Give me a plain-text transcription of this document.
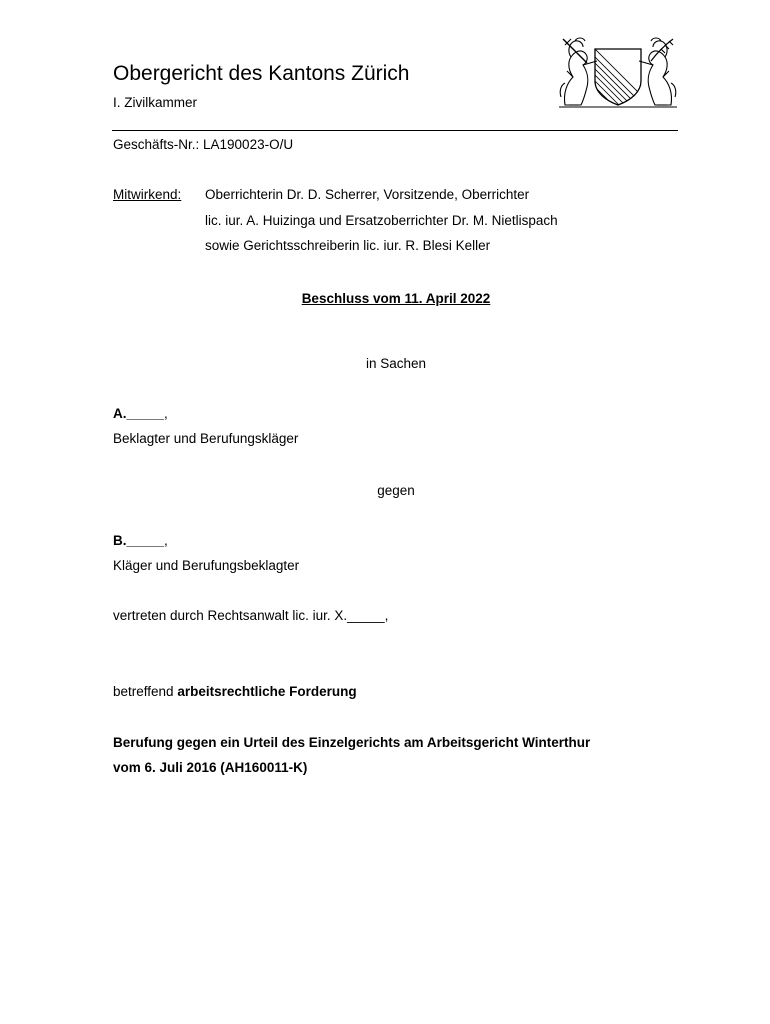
Obergericht des Kantons Zürich
I. Zivilkammer
Geschäfts-Nr.: LA190023-O/U
Mitwirkend: Oberrichterin Dr. D. Scherrer, Vorsitzende, Oberrichter
lic. iur. A. Huizinga und Ersatzoberrichter Dr. M. Nietlispach
sowie Gerichtsschreiberin lic. iur. R. Blesi Keller
Beschluss vom 11. April 2022
in Sachen
A._____,
Beklagter und Berufungskläger
gegen
B._____,
Kläger und Berufungsbeklagter
vertreten durch Rechtsanwalt lic. iur. X._____,
betreffend arbeitsrechtliche Forderung
Berufung gegen ein Urteil des Einzelgerichts am Arbeitsgericht Winterthur
vom 6. Juli 2016 (AH160011-K)
